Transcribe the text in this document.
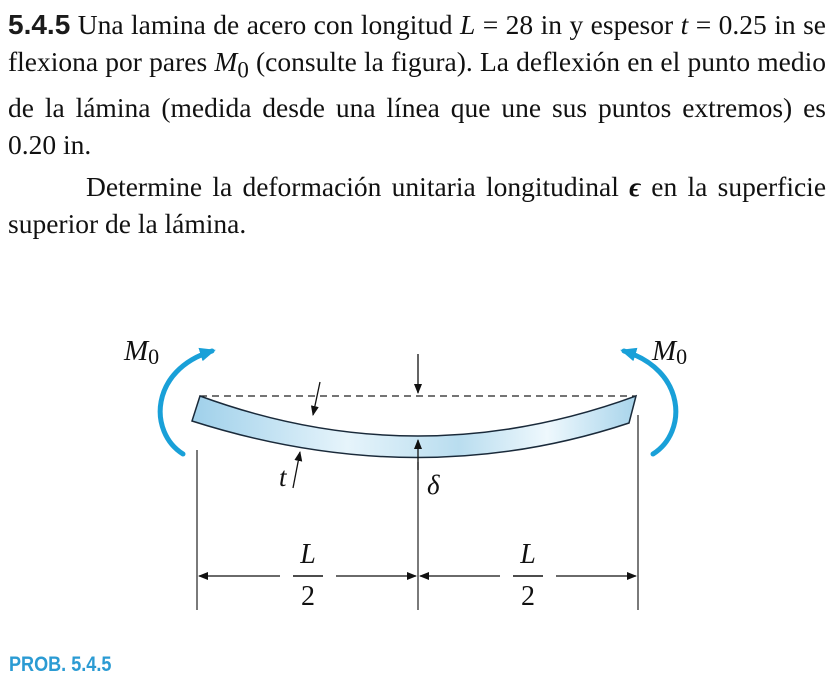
5.4.5 Una lamina de acero con longitud L = 28 in y espesor t = 0.25 in se flexiona por pares $M_0$ (consulte la figura). La deflexión en el punto medio de la lámina (medida desde una línea que une sus puntos extremos) es 0.20 in.

Determine la deformación unitaria longitudinal ϵ en la superficie superior de la lámina.

M0	M0
t	δ
L
2
L
2
PROB. 5.4.5
